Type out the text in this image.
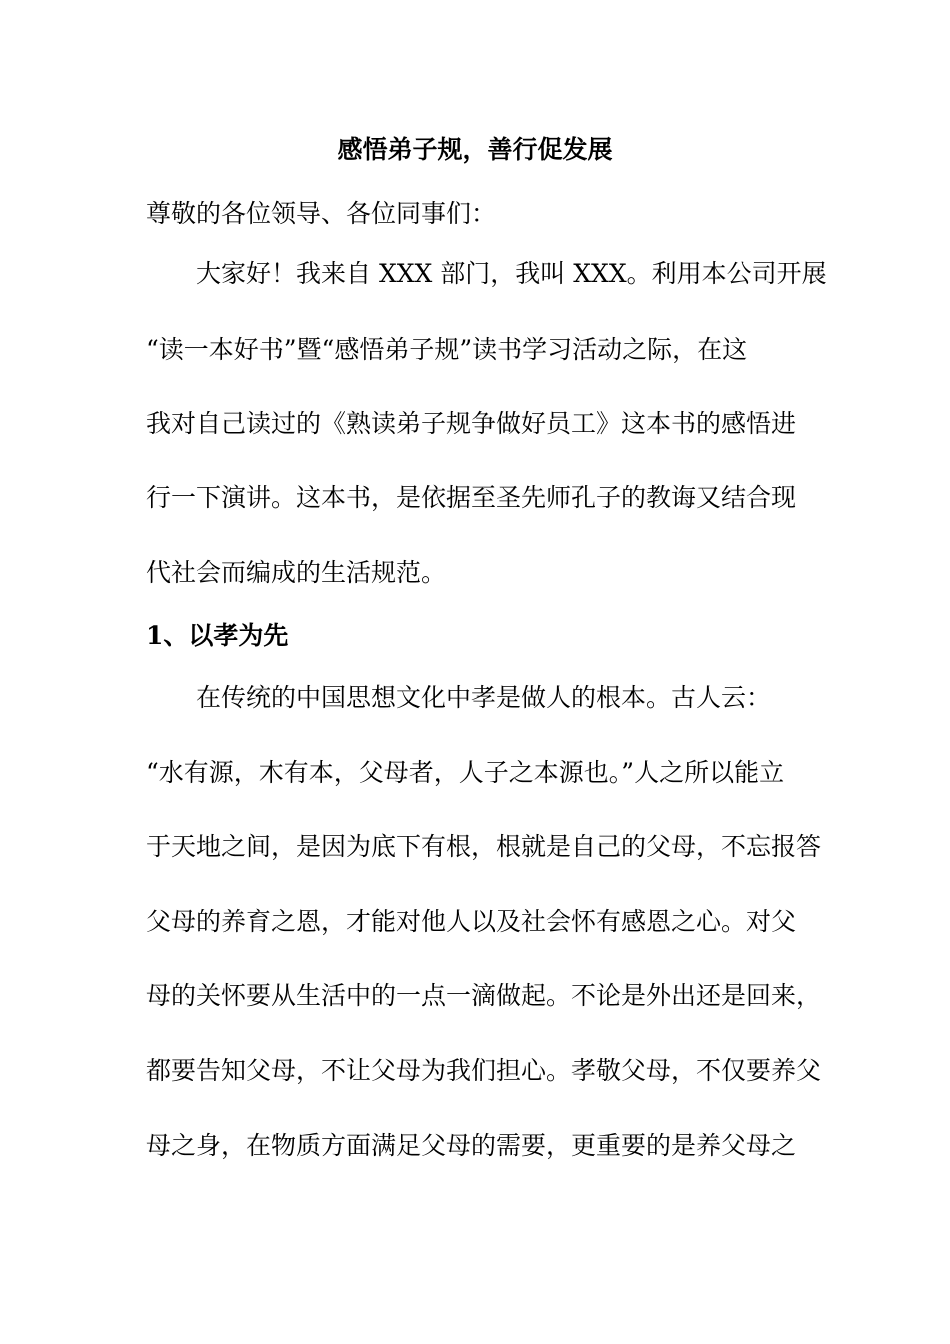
感悟弟子规，善行促发展
尊敬的各位领导、各位同事们：
大家好！我来自 XXX 部门，我叫 XXX。利用本公司开展
“读一本好书”暨“感悟弟子规”读书学习活动之际，在这
我对自己读过的《熟读弟子规争做好员工》这本书的感悟进
行一下演讲。这本书，是依据至圣先师孔子的教诲又结合现
代社会而编成的生活规范。
1、以孝为先
在传统的中国思想文化中孝是做人的根本。古人云：
“水有源，木有本，父母者，人子之本源也。”人之所以能立
于天地之间，是因为底下有根，根就是自己的父母，不忘报答
父母的养育之恩，才能对他人以及社会怀有感恩之心。对父
母的关怀要从生活中的一点一滴做起。不论是外出还是回来，
都要告知父母，不让父母为我们担心。孝敬父母，不仅要养父
母之身，在物质方面满足父母的需要，更重要的是养父母之
